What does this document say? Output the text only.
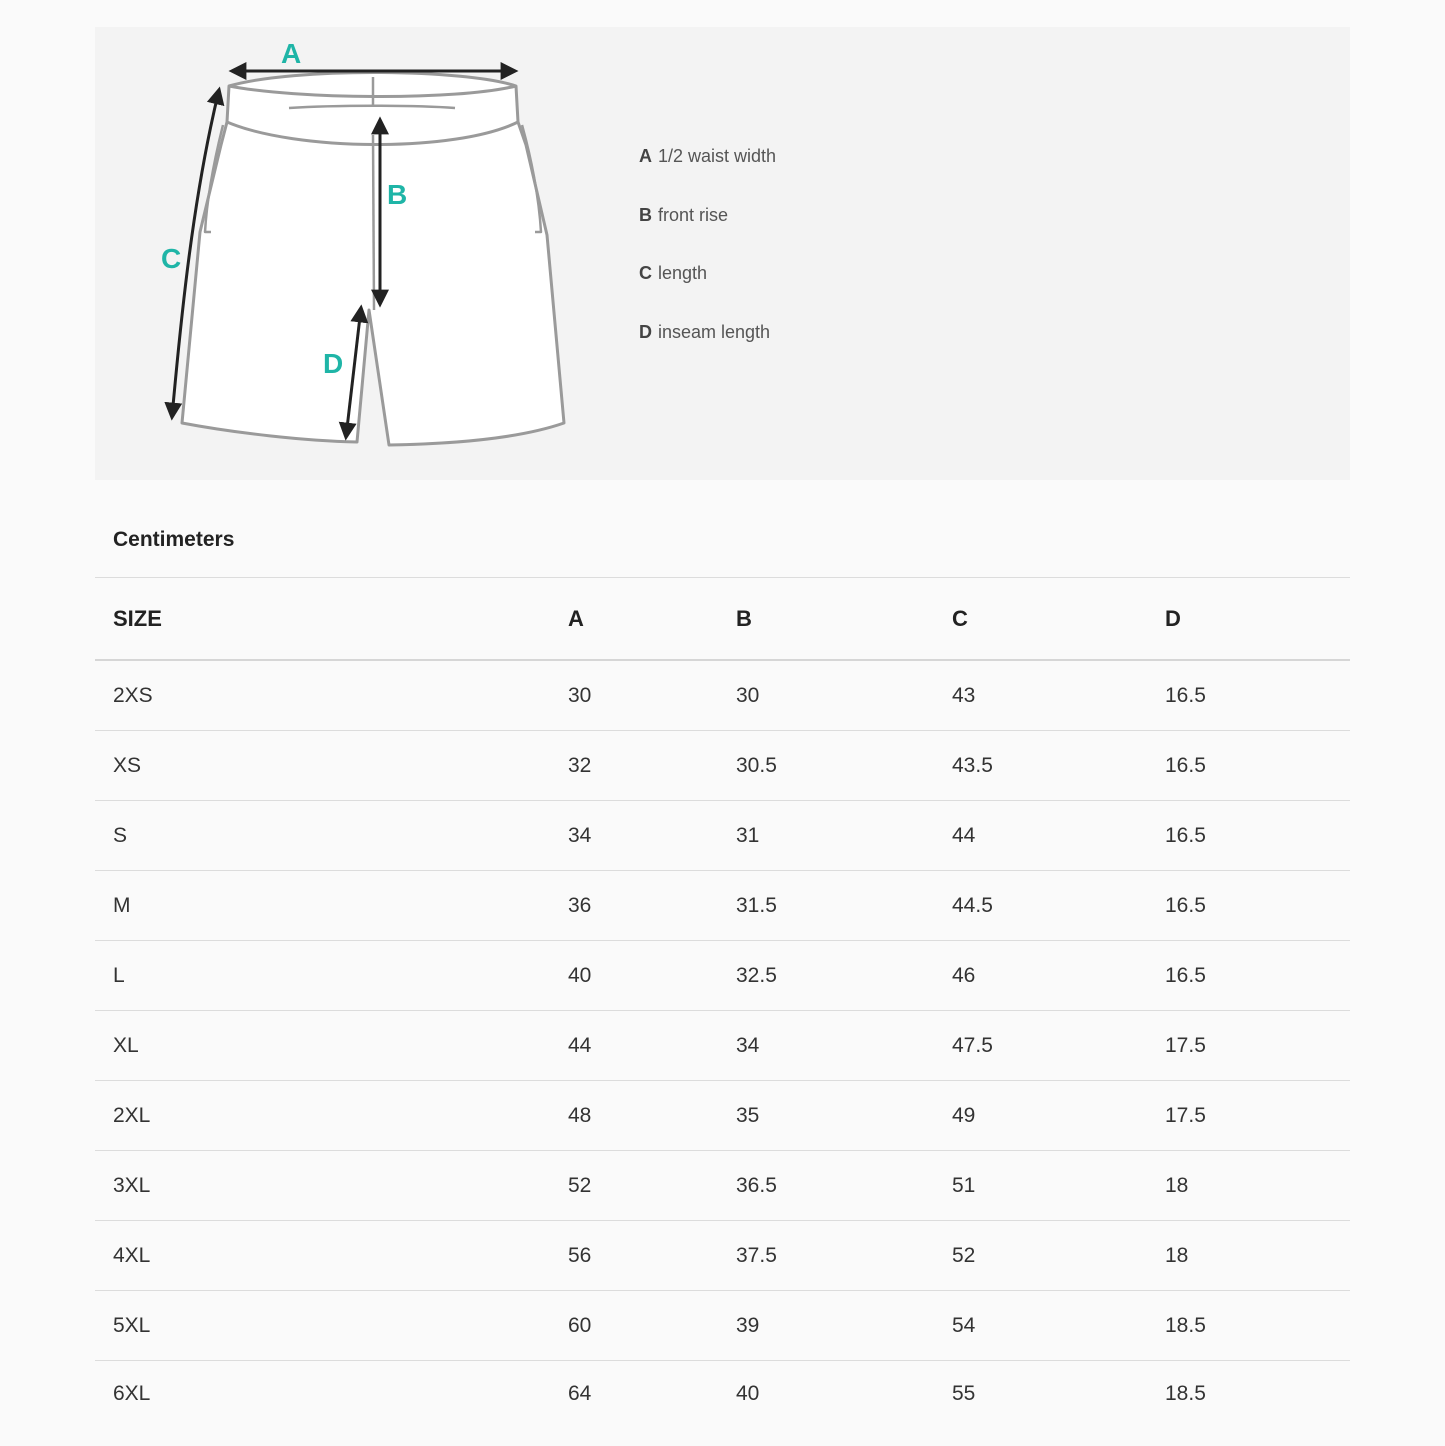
A
B
C
D
A 1/2 waist width
B front rise
C length
D inseam length
Centimeters
SIZE	A	B	C	D
2XS	30	30	43	16.5
XS	32	30.5	43.5	16.5
S	34	31	44	16.5
M	36	31.5	44.5	16.5
L	40	32.5	46	16.5
XL	44	34	47.5	17.5
2XL	48	35	49	17.5
3XL	52	36.5	51	18
4XL	56	37.5	52	18
5XL	60	39	54	18.5
6XL	64	40	55	18.5
